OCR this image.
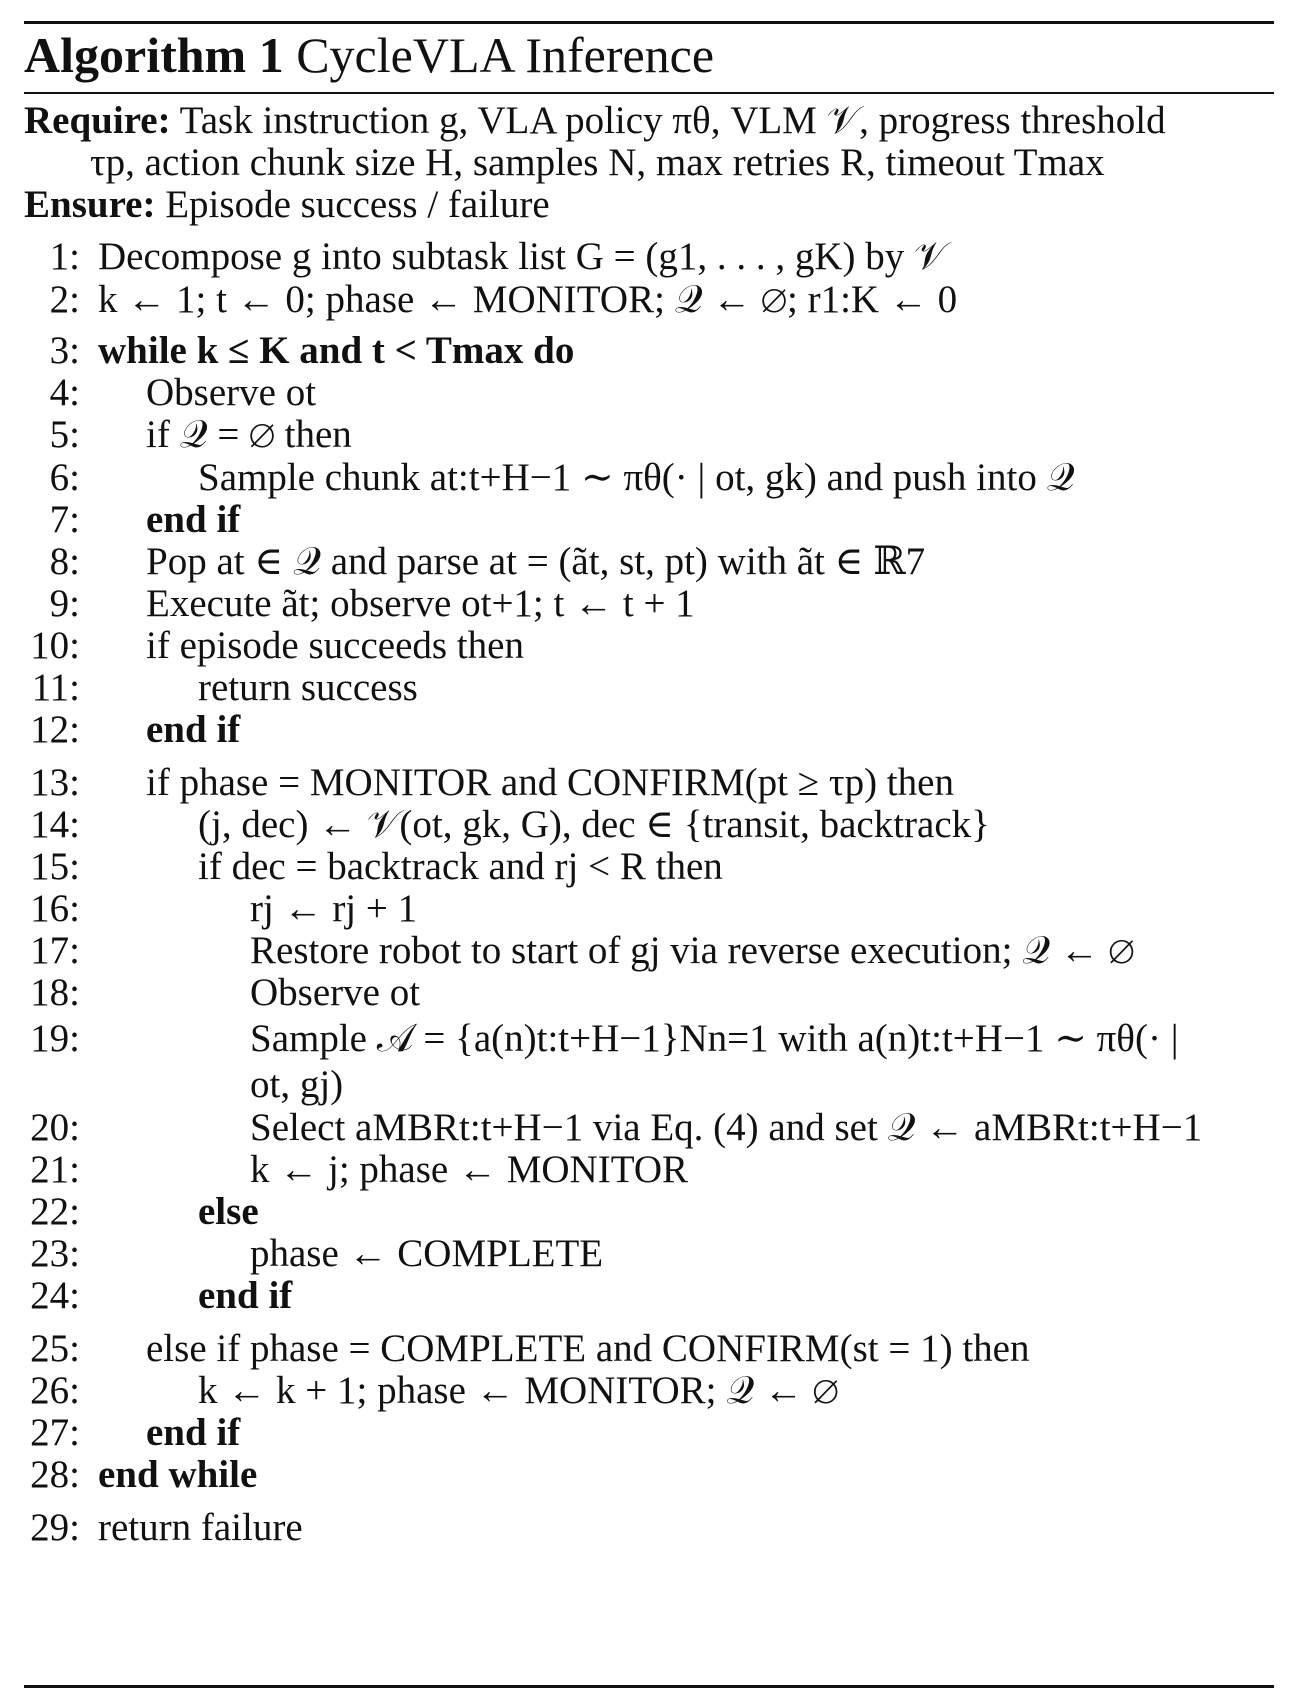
Algorithm 1 CycleVLA Inference
Require: Task instruction g, VLA policy πθ, VLM 𝒱, progress threshold
τp, action chunk size H, samples N, max retries R, timeout Tmax
Ensure: Episode success / failure
1: Decompose g into subtask list G = (g1, . . . , gK) by 𝒱
2: k ← 1; t ← 0; phase ← MONITOR; 𝒬 ← ∅; r1:K ← 0
3: while k ≤ K and t < Tmax do
4: Observe ot
5: if 𝒬 = ∅ then
6:	Sample chunk at:t+H−1 ∼ πθ(· | ot, gk) and push into 𝒬
7: end if
8: Pop at ∈ 𝒬 and parse at = (ãt, st, pt) with ãt ∈ ℝ7
9: Execute ãt; observe ot+1; t ← t + 1
10: if episode succeeds then
11:	return success
12: end if
13: if phase = MONITOR and CONFIRM(pt ≥ τp) then
14:	(j, dec) ← 𝒱(ot, gk, G), dec ∈ {transit, backtrack}
15:	if dec = backtrack and rj < R then
16:	rj ← rj + 1
17:	Restore robot to start of gj via reverse execution; 𝒬 ← ∅
18:	Observe ot
19:	Sample 𝒜 = {a(n)t:t+H−1}Nn=1 with a(n)t:t+H−1 ∼ πθ(· |
ot, gj)
20:	Select aMBRt:t+H−1 via Eq. (4) and set 𝒬 ← aMBRt:t+H−1
21:	k ← j; phase ← MONITOR
22:	else
23:	phase ← COMPLETE
24:	end if
25: else if phase = COMPLETE and CONFIRM(st = 1) then
26:	k ← k + 1; phase ← MONITOR; 𝒬 ← ∅
27: end if
28: end while
29: return failure
